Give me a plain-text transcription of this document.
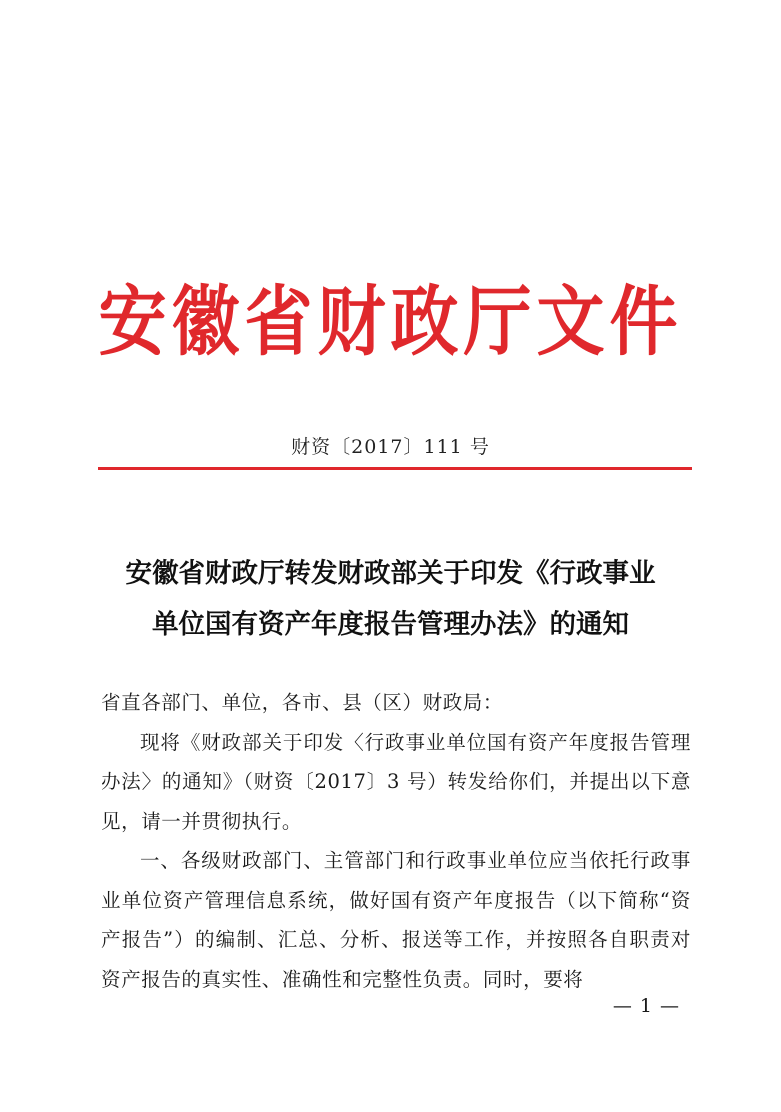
安徽省财政厅文件
财资〔2017〕111 号
安徽省财政厅转发财政部关于印发《行政事业
单位国有资产年度报告管理办法》的通知

省直各部门、单位，各市、县（区）财政局：

现将《财政部关于印发〈行政事业单位国有资产年度报告管理办法〉的通知》（财资〔2017〕3 号）转发给你们，并提出以下意见，请一并贯彻执行。

一、各级财政部门、主管部门和行政事业单位应当依托行政事业单位资产管理信息系统，做好国有资产年度报告（以下简称“资产报告”）的编制、汇总、分析、报送等工作，并按照各自职责对资产报告的真实性、准确性和完整性负责。同时，要将

— 1 —
